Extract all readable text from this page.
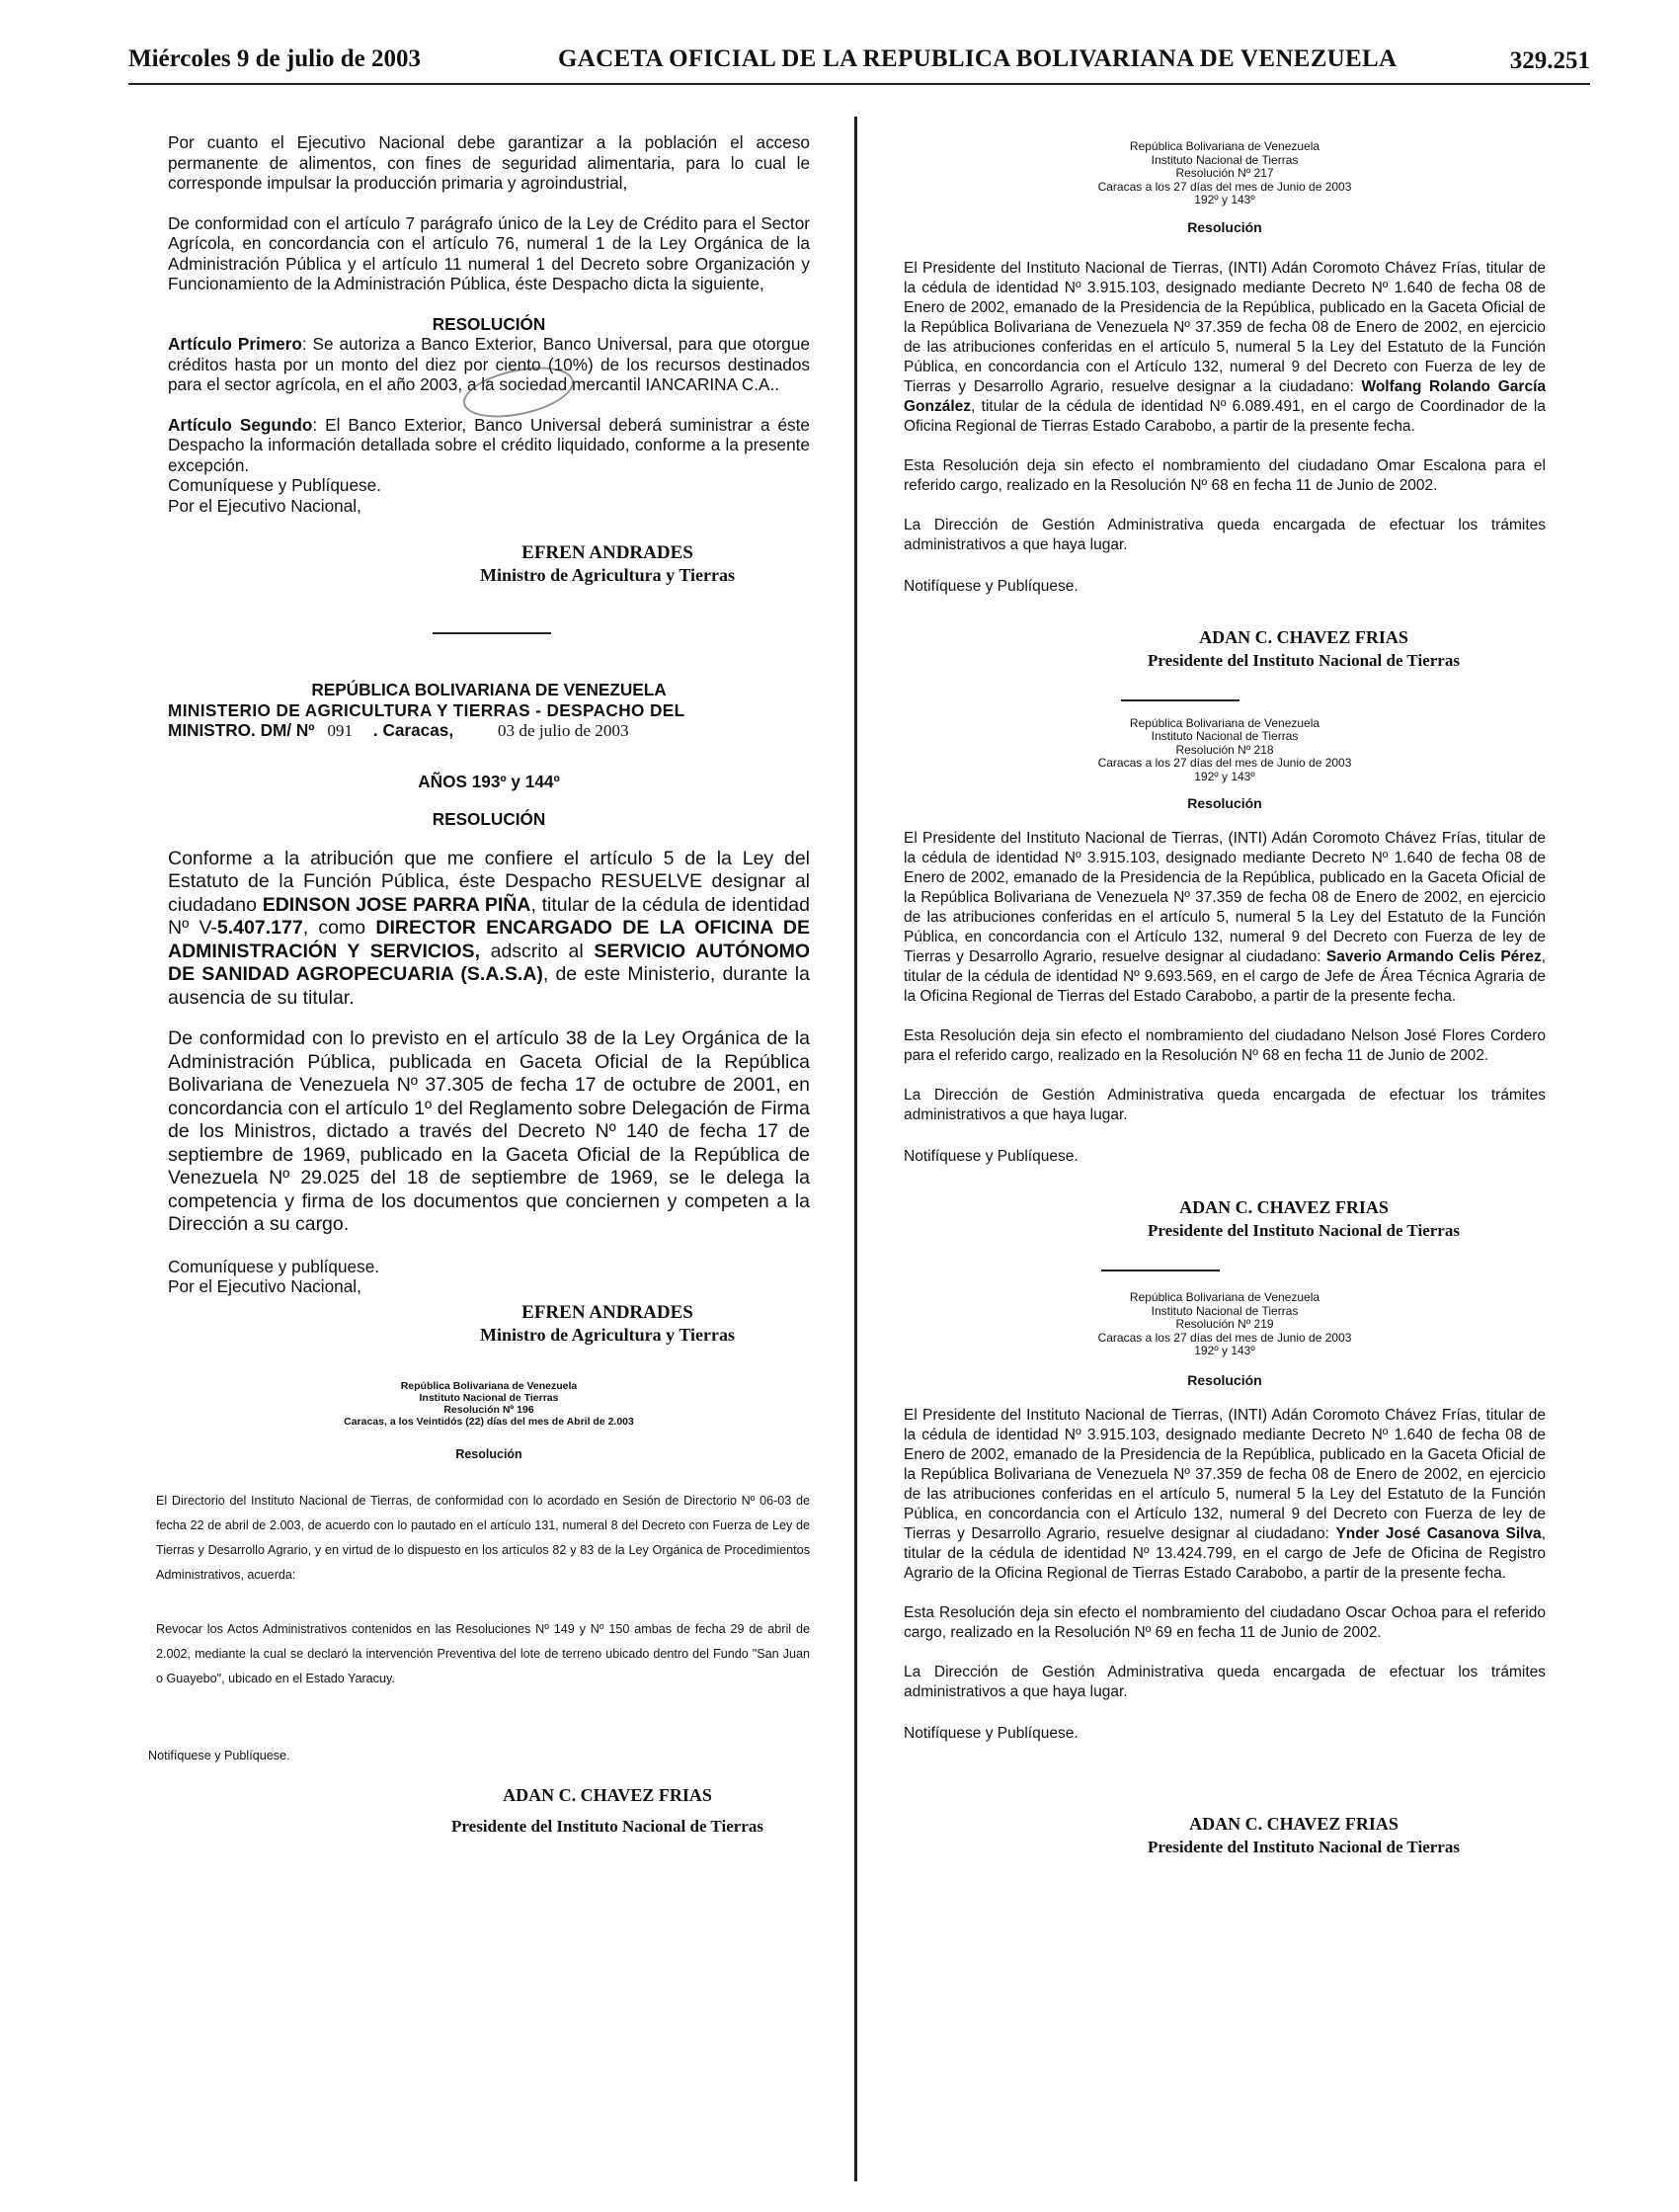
Miércoles 9 de julio de 2003	GACETA OFICIAL DE LA REPUBLICA BOLIVARIANA DE VENEZUELA	329.251

Por cuanto el Ejecutivo Nacional debe garantizar a la población el acceso permanente de alimentos, con fines de seguridad alimentaria, para lo cual le corresponde impulsar la producción primaria y agroindustrial,

De conformidad con el artículo 7 parágrafo único de la Ley de Crédito para el Sector Agrícola, en concordancia con el artículo 76, numeral 1 de la Ley Orgánica de la Administración Pública y el artículo 11 numeral 1 del Decreto sobre Organización y Funcionamiento de la Administración Pública, éste Despacho dicta la siguiente,

RESOLUCIÓN

Artículo Primero: Se autoriza a Banco Exterior, Banco Universal, para que otorgue créditos hasta por un monto del diez por ciento (10%) de los recursos destinados para el sector agrícola, en el año 2003, a la sociedad mercantil IANCARINA C.A..

Artículo Segundo: El Banco Exterior, Banco Universal deberá suministrar a éste Despacho la información detallada sobre el crédito liquidado, conforme a la presente excepción.

Comuníquese y Publíquese.

Por el Ejecutivo Nacional,

EFREN ANDRADES

Ministro de Agricultura y Tierras

REPÚBLICA BOLIVARIANA DE VENEZUELA

MINISTERIO DE AGRICULTURA Y TIERRAS - DESPACHO DEL

MINISTRO. DM/ Nº 091 . Caracas,	03 de julio de 2003

AÑOS 193º y 144º

RESOLUCIÓN

Conforme a la atribución que me confiere el artículo 5 de la Ley del Estatuto de la Función Pública, éste Despacho RESUELVE designar al ciudadano EDINSON JOSE PARRA PIÑA, titular de la cédula de identidad Nº V-5.407.177, como DIRECTOR ENCARGADO DE LA OFICINA DE ADMINISTRACIÓN Y SERVICIOS, adscrito al SERVICIO AUTÓNOMO DE SANIDAD AGROPECUARIA (S.A.S.A), de este Ministerio, durante la ausencia de su titular.

De conformidad con lo previsto en el artículo 38 de la Ley Orgánica de la Administración Pública, publicada en Gaceta Oficial de la República Bolivariana de Venezuela Nº 37.305 de fecha 17 de octubre de 2001, en concordancia con el artículo 1º del Reglamento sobre Delegación de Firma de los Ministros, dictado a través del Decreto Nº 140 de fecha 17 de septiembre de 1969, publicado en la Gaceta Oficial de la República de Venezuela Nº 29.025 del 18 de septiembre de 1969, se le delega la competencia y firma de los documentos que conciernen y competen a la Dirección a su cargo.

Comuníquese y publíquese.

Por el Ejecutivo Nacional,

EFREN ANDRADES

Ministro de Agricultura y Tierras

República Bolivariana de Venezuela

Instituto Nacional de Tierras

Resolución Nº 196

Caracas, a los Veintidós (22) días del mes de Abril de 2.003

Resolución

El Directorio del Instituto Nacional de Tierras, de conformidad con lo acordado en Sesión de Directorio Nº 06-03 de fecha 22 de abril de 2.003, de acuerdo con lo pautado en el artículo 131, numeral 8 del Decreto con Fuerza de Ley de Tierras y Desarrollo Agrario, y en virtud de lo dispuesto en los artículos 82 y 83 de la Ley Orgánica de Procedimientos Administrativos, acuerda:

Revocar los Actos Administrativos contenidos en las Resoluciones Nº 149 y Nº 150 ambas de fecha 29 de abril de 2.002, mediante la cual se declaró la intervención Preventiva del lote de terreno ubicado dentro del Fundo "San Juan o Guayebo", ubicado en el Estado Yaracuy.

Notifíquese y Publíquese.

ADAN C. CHAVEZ FRIAS

Presidente del Instituto Nacional de Tierras

República Bolivariana de Venezuela

Instituto Nacional de Tierras

Resolución Nº 217

Caracas a los 27 días del mes de Junio de 2003

192º y 143º

Resolución

El Presidente del Instituto Nacional de Tierras, (INTI) Adán Coromoto Chávez Frías, titular de la cédula de identidad Nº 3.915.103, designado mediante Decreto Nº 1.640 de fecha 08 de Enero de 2002, emanado de la Presidencia de la República, publicado en la Gaceta Oficial de la República Bolivariana de Venezuela Nº 37.359 de fecha 08 de Enero de 2002, en ejercicio de las atribuciones conferidas en el artículo 5, numeral 5 la Ley del Estatuto de la Función Pública, en concordancia con el Artículo 132, numeral 9 del Decreto con Fuerza de ley de Tierras y Desarrollo Agrario, resuelve designar a la ciudadano: Wolfang Rolando García González, titular de la cédula de identidad Nº 6.089.491, en el cargo de Coordinador de la Oficina Regional de Tierras Estado Carabobo, a partir de la presente fecha.

Esta Resolución deja sin efecto el nombramiento del ciudadano Omar Escalona para el referido cargo, realizado en la Resolución Nº 68 en fecha 11 de Junio de 2002.

La Dirección de Gestión Administrativa queda encargada de efectuar los trámites administrativos a que haya lugar.

Notifíquese y Publíquese.

ADAN C. CHAVEZ FRIAS

Presidente del Instituto Nacional de Tierras

República Bolivariana de Venezuela

Instituto Nacional de Tierras

Resolución Nº 218

Caracas a los 27 días del mes de Junio de 2003

192º y 143º

Resolución

El Presidente del Instituto Nacional de Tierras, (INTI) Adán Coromoto Chávez Frías, titular de la cédula de identidad Nº 3.915.103, designado mediante Decreto Nº 1.640 de fecha 08 de Enero de 2002, emanado de la Presidencia de la República, publicado en la Gaceta Oficial de la República Bolivariana de Venezuela Nº 37.359 de fecha 08 de Enero de 2002, en ejercicio de las atribuciones conferidas en el artículo 5, numeral 5 la Ley del Estatuto de la Función Pública, en concordancia con el Artículo 132, numeral 9 del Decreto con Fuerza de ley de Tierras y Desarrollo Agrario, resuelve designar al ciudadano: Saverio Armando Celis Pérez, titular de la cédula de identidad Nº 9.693.569, en el cargo de Jefe de Área Técnica Agraria de la Oficina Regional de Tierras del Estado Carabobo, a partir de la presente fecha.

Esta Resolución deja sin efecto el nombramiento del ciudadano Nelson José Flores Cordero para el referido cargo, realizado en la Resolución Nº 68 en fecha 11 de Junio de 2002.

La Dirección de Gestión Administrativa queda encargada de efectuar los trámites administrativos a que haya lugar.

Notifíquese y Publíquese.

ADAN C. CHAVEZ FRIAS

Presidente del Instituto Nacional de Tierras

República Bolivariana de Venezuela

Instituto Nacional de Tierras

Resolución Nº 219

Caracas a los 27 días del mes de Junio de 2003

192º y 143º

Resolución

El Presidente del Instituto Nacional de Tierras, (INTI) Adán Coromoto Chávez Frías, titular de la cédula de identidad Nº 3.915.103, designado mediante Decreto Nº 1.640 de fecha 08 de Enero de 2002, emanado de la Presidencia de la República, publicado en la Gaceta Oficial de la República Bolivariana de Venezuela Nº 37.359 de fecha 08 de Enero de 2002, en ejercicio de las atribuciones conferidas en el artículo 5, numeral 5 la Ley del Estatuto de la Función Pública, en concordancia con el Artículo 132, numeral 9 del Decreto con Fuerza de ley de Tierras y Desarrollo Agrario, resuelve designar al ciudadano: Ynder José Casanova Silva, titular de la cédula de identidad Nº 13.424.799, en el cargo de Jefe de Oficina de Registro Agrario de la Oficina Regional de Tierras Estado Carabobo, a partir de la presente fecha.

Esta Resolución deja sin efecto el nombramiento del ciudadano Oscar Ochoa para el referido cargo, realizado en la Resolución Nº 69 en fecha 11 de Junio de 2002.

La Dirección de Gestión Administrativa queda encargada de efectuar los trámites administrativos a que haya lugar.

Notifíquese y Publíquese.

ADAN C. CHAVEZ FRIAS

Presidente del Instituto Nacional de Tierras
